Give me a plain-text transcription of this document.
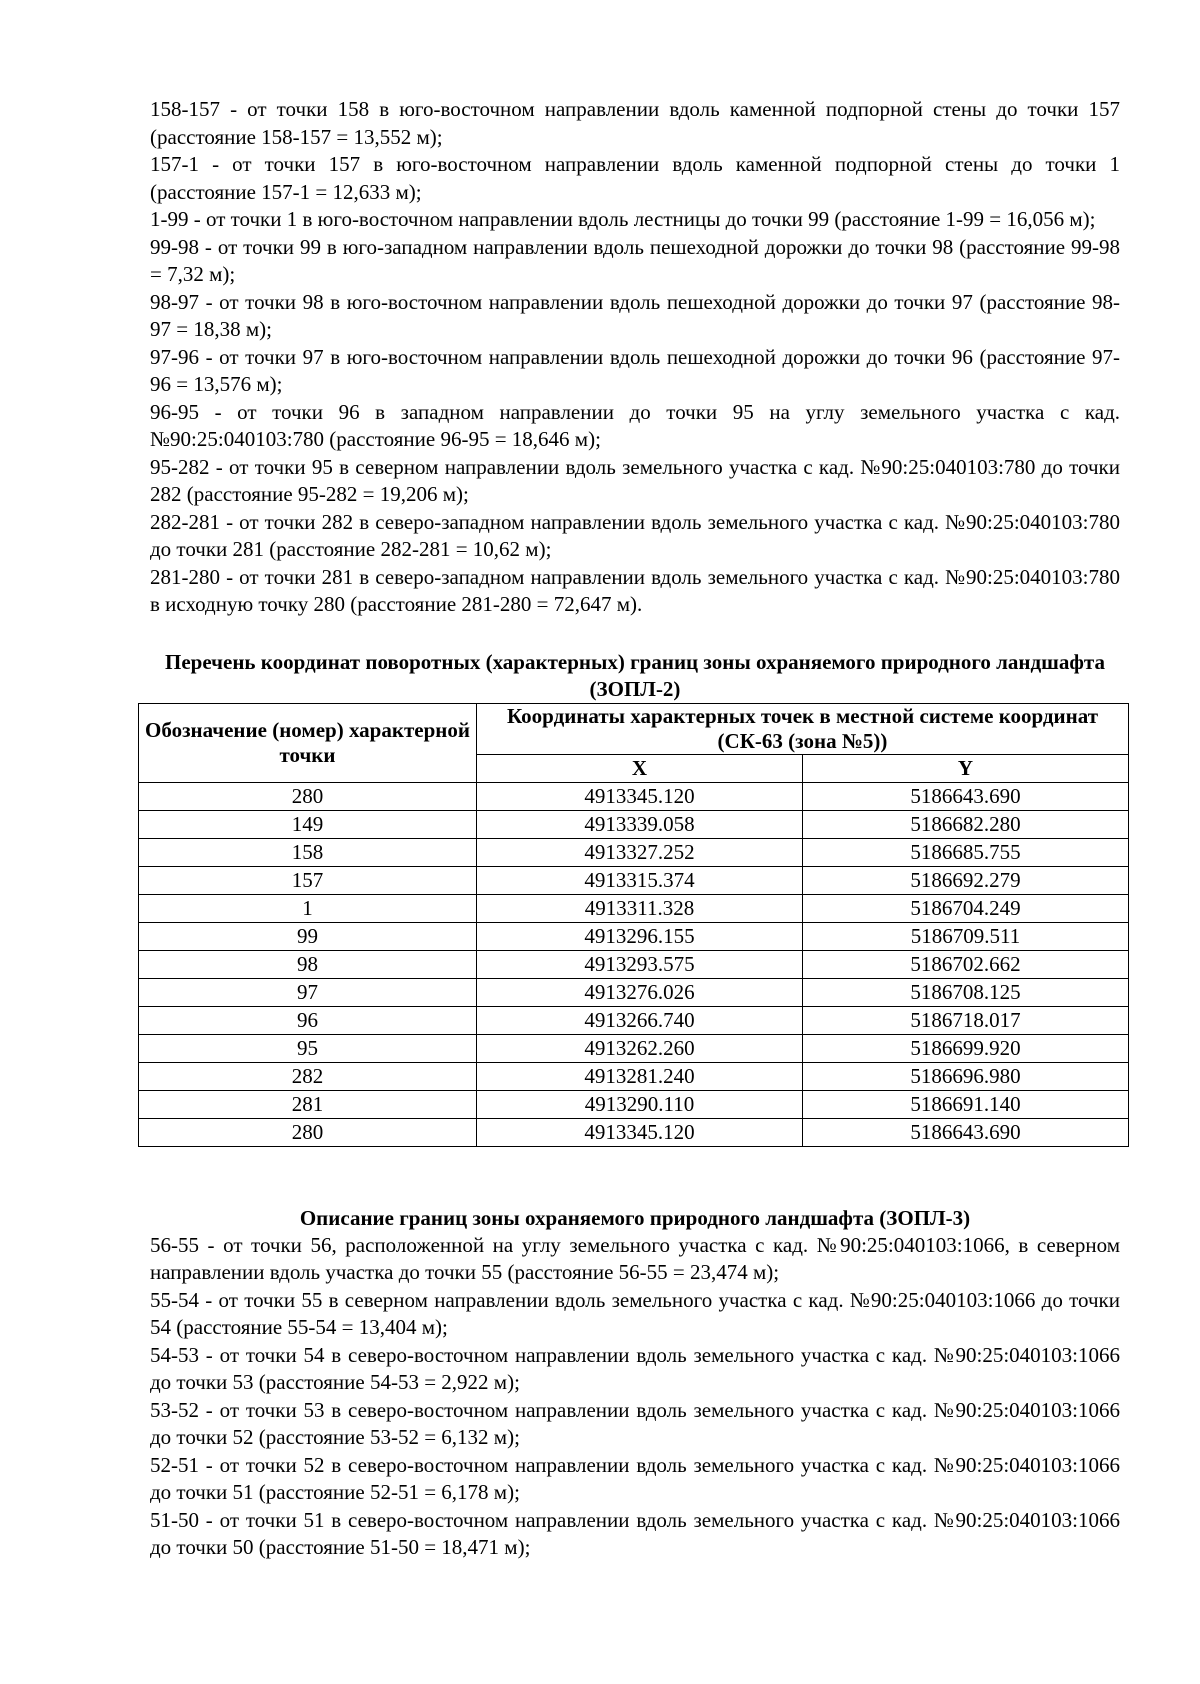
158-157 - от точки 158 в юго-восточном направлении вдоль каменной подпорной стены до точки 157 (расстояние 158-157 = 13,552 м);

157-1 - от точки 157 в юго-восточном направлении вдоль каменной подпорной стены до точки 1 (расстояние 157-1 = 12,633 м);

1-99 - от точки 1 в юго-восточном направлении вдоль лестницы до точки 99 (расстояние 1-99 = 16,056 м);

99-98 - от точки 99 в юго-западном направлении вдоль пешеходной дорожки до точки 98 (расстояние 99-98 = 7,32 м);

98-97 - от точки 98 в юго-восточном направлении вдоль пешеходной дорожки до точки 97 (расстояние 98-97 = 18,38 м);

97-96 - от точки 97 в юго-восточном направлении вдоль пешеходной дорожки до точки 96 (расстояние 97-96 = 13,576 м);

96-95 - от точки 96 в западном направлении до точки 95 на углу земельного участка с кад. №90:25:040103:780 (расстояние 96-95 = 18,646 м);

95-282 - от точки 95 в северном направлении вдоль земельного участка с кад. №90:25:040103:780 до точки 282 (расстояние 95-282 = 19,206 м);

282-281 - от точки 282 в северо-западном направлении вдоль земельного участка с кад. №90:25:040103:780 до точки 281 (расстояние 282-281 = 10,62 м);

281-280 - от точки 281 в северо-западном направлении вдоль земельного участка с кад. №90:25:040103:780 в исходную точку 280 (расстояние 281-280 = 72,647 м).

Перечень координат поворотных (характерных) границ зоны охраняемого природного ландшафта (ЗОПЛ-2)

Обозначение (номер) характерной точки	Координаты характерных точек в местной системе координат (СК-63 (зона №5))	
	X	Y
280	4913345.120	5186643.690
149	4913339.058	5186682.280
158	4913327.252	5186685.755
157	4913315.374	5186692.279
1	4913311.328	5186704.249
99	4913296.155	5186709.511
98	4913293.575	5186702.662
97	4913276.026	5186708.125
96	4913266.740	5186718.017
95	4913262.260	5186699.920
282	4913281.240	5186696.980
281	4913290.110	5186691.140
280	4913345.120	5186643.690

Описание границ зоны охраняемого природного ландшафта (ЗОПЛ-3)

56-55 - от точки 56, расположенной на углу земельного участка с кад. №90:25:040103:1066, в северном направлении вдоль участка до точки 55 (расстояние 56-55 = 23,474 м);

55-54 - от точки 55 в северном направлении вдоль земельного участка с кад. №90:25:040103:1066 до точки 54 (расстояние 55-54 = 13,404 м);

54-53 - от точки 54 в северо-восточном направлении вдоль земельного участка с кад. №90:25:040103:1066 до точки 53 (расстояние 54-53 = 2,922 м);

53-52 - от точки 53 в северо-восточном направлении вдоль земельного участка с кад. №90:25:040103:1066 до точки 52 (расстояние 53-52 = 6,132 м);

52-51 - от точки 52 в северо-восточном направлении вдоль земельного участка с кад. №90:25:040103:1066 до точки 51 (расстояние 52-51 = 6,178 м);

51-50 - от точки 51 в северо-восточном направлении вдоль земельного участка с кад. №90:25:040103:1066 до точки 50 (расстояние 51-50 = 18,471 м);
